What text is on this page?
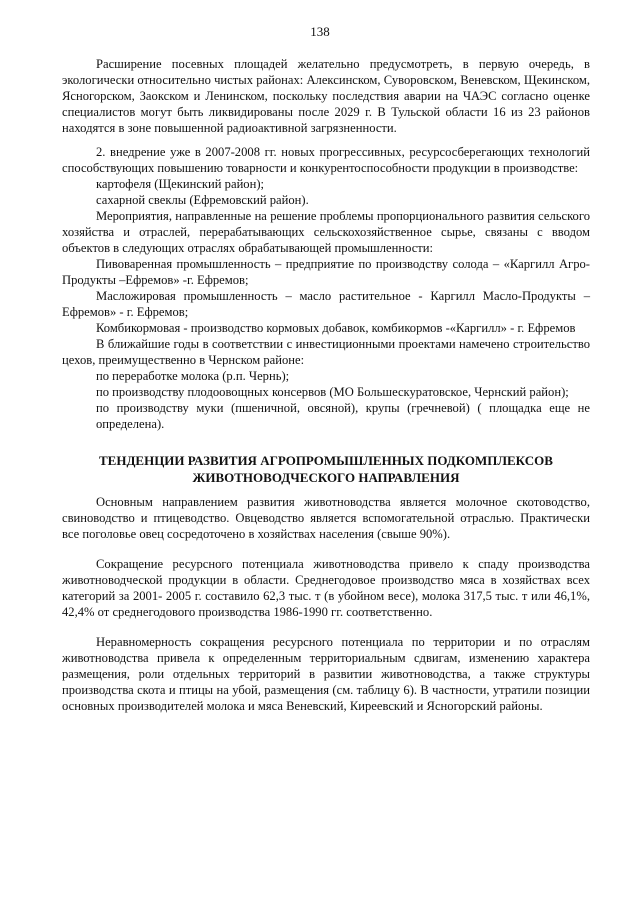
138

Расширение посевных площадей желательно предусмотреть, в первую очередь, в экологически относительно чистых районах: Алексинском, Суворовском, Веневском, Щекинском, Ясногорском, Заокском и Ленинском, поскольку последствия аварии на ЧАЭС согласно оценке специалистов могут быть ликвидированы после 2029 г. В Тульской области 16 из 23 районов находятся в зоне повышенной радиоактивной загрязненности.

2. внедрение уже в 2007-2008 гг. новых прогрессивных, ресурсосберегающих технологий способствующих повышению товарности и конкурентоспособности продукции в производстве:

картофеля (Щекинский район);

сахарной свеклы (Ефремовский район).

Мероприятия, направленные на решение проблемы пропорционального развития сельского хозяйства и отраслей, перерабатывающих сельскохозяйственное сырье, связаны с вводом объектов в следующих отраслях обрабатывающей промышленности:

Пивоваренная промышленность – предприятие по производству солода – «Каргилл Агро-Продукты –Ефремов» -г. Ефремов;

Масложировая промышленность – масло растительное - Каргилл Масло-Продукты –Ефремов» - г. Ефремов;

Комбикормовая - производство кормовых добавок, комбикормов -«Каргилл» - г. Ефремов

В ближайшие годы в соответствии с инвестиционными проектами намечено строительство цехов, преимущественно в Чернском районе:

по переработке молока (р.п. Чернь);

по производству плодоовощных консервов (МО Большескуратовское, Чернский район);

по производству муки (пшеничной, овсяной), крупы (гречневой) ( площадка еще не определена).

ТЕНДЕНЦИИ РАЗВИТИЯ АГРОПРОМЫШЛЕННЫХ ПОДКОМПЛЕКСОВ
ЖИВОТНОВОДЧЕСКОГО НАПРАВЛЕНИЯ

Основным направлением развития животноводства является молочное скотоводство, свиноводство и птицеводство. Овцеводство является вспомогательной отраслью. Практически все поголовье овец сосредоточено в хозяйствах населения (свыше 90%).

Сокращение ресурсного потенциала животноводства привело к спаду производства животноводческой продукции в области. Среднегодовое производство мяса в хозяйствах всех категорий за 2001- 2005 г. составило 62,3 тыс. т (в убойном весе), молока 317,5 тыс. т или 46,1%, 42,4% от среднегодового производства 1986-1990 гг. соответственно.

Неравномерность сокращения ресурсного потенциала по территории и по отраслям животноводства привела к определенным территориальным сдвигам, изменению характера размещения, роли отдельных территорий в развитии животноводства, а также структуры производства скота и птицы на убой, размещения (см. таблицу 6). В частности, утратили позиции основных производителей молока и мяса Веневский, Киреевский и Ясногорский районы.
